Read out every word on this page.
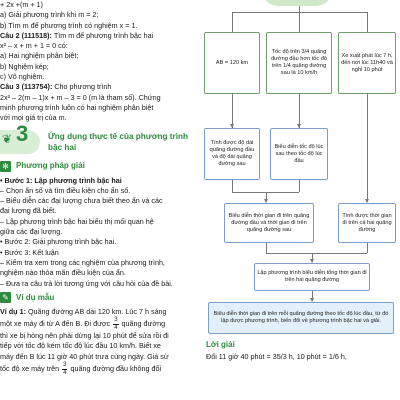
+ 2x +(m + 1)

a) Giải phương trình khi m = 2;

b) Tìm m để phương trình có nghiệm x = 1.

Câu 2 (111518): Tìm m để phương trình bậc hai

x² – x + m + 1 = 0 có:

a) Hai nghiệm phân biệt;

b) Nghiệm kép;

c) Vô nghiệm.

Câu 3 (113754): Cho phương trình

2x² – 2(m – 1)x + m – 3 = 0 (m là tham số). Chứng

minh phương trình luôn có hai nghiệm phân biệt

với mọi giá trị của m.

❦ 3 Ứng dụng thực tế của phương trình bậc hai
✻ Phương pháp giải

• Bước 1: Lập phương trình bậc hai

– Chọn ẩn số và tìm điều kiện cho ẩn số.

– Biểu diễn các đại lượng chưa biết theo ẩn và các

đại lượng đã biết.

– Lập phương trình bậc hai biểu thị mối quan hệ

giữa các đại lượng.

• Bước 2: Giải phương trình bậc hai.

• Bước 3: Kết luận

– Kiểm tra xem trong các nghiệm của phương trình,

nghiệm nào thỏa mãn điều kiện của ẩn.

– Đưa ra câu trả lời tương ứng với câu hỏi của đề bài.

✎ Ví dụ mẫu

Ví dụ 1: Quãng đường AB dài 120 km. Lúc 7 h sáng

một xe máy đi từ A đến B. Đi được $\frac{3}{4}$ quãng đường

thì xe bị hỏng nên phải dừng lại 10 phút để sửa rồi đi

tiếp với tốc độ kém tốc độ lúc đầu 10 km/h. Biết xe

máy đến B lúc 11 giờ 40 phút trưa cùng ngày. Giả sử

tốc độ xe máy trên $\frac{3}{4}$ quãng đường đầu không đổi

AB = 120 km
Tốc độ trên 3/4 quãng đường đầu hơn tốc độ trên 1/4 quãng đường sau là 10 km/h
Xe xuất phát lúc 7 h, đến nơi lúc 11h40 và nghỉ 10 phút
Tính được độ dài quãng đường đầu và độ dài quãng đường sau
Biểu diễn tốc độ lúc sau theo tốc độ lúc đầu
Biểu diễn thời gian đi trên quãng đường đầu và thời gian đi trên quãng đường sau
Tính được thời gian đi trên cả hai quãng đường
Lập phương trình biểu diễn tổng thời gian đi trên hai quãng đường
Biểu diễn thời gian đi trên mỗi quãng đường theo tốc độ lúc đầu, từ đó lập được phương trình, biến đổi về phương trình bậc hai và giải.
Lời giải
Đổi 11 giờ 40 phút = 35/3 h, 10 phút = 1/6 h,
